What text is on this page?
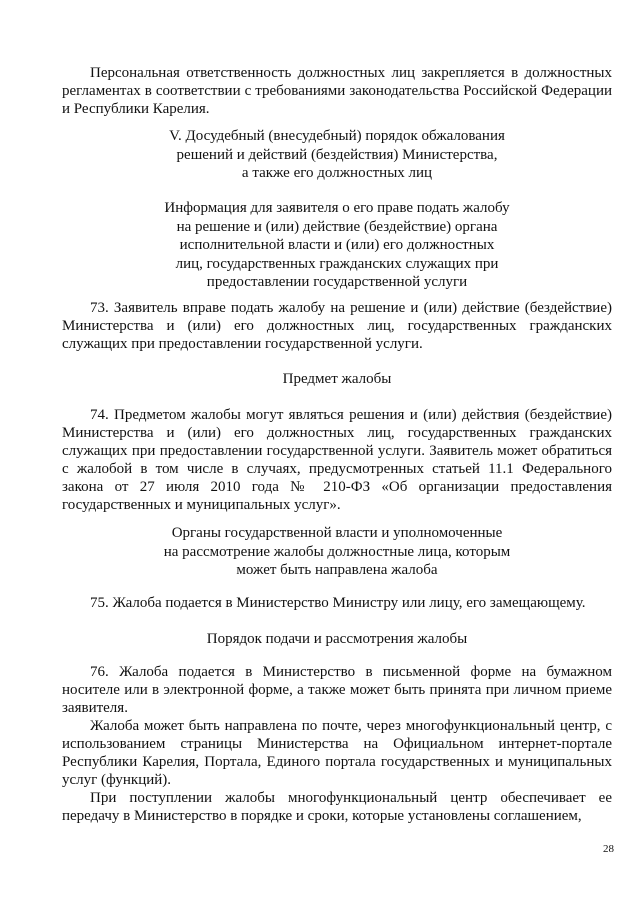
Персональная ответственность должностных лиц закрепляется в должностных регламентах в соответствии с требованиями законодательства Российской Федерации и Республики Карелия.

V. Досудебный (внесудебный) порядок обжалования
решений и действий (бездействия) Министерства,
а также его должностных лиц
Информация для заявителя о его праве подать жалобу
на решение и (или) действие (бездействие) органа
исполнительной власти и (или) его должностных
лиц, государственных гражданских служащих при
предоставлении государственной услуги

73. Заявитель вправе подать жалобу на решение и (или) действие (бездействие) Министерства и (или) его должностных лиц, государственных гражданских служащих при предоставлении государственной услуги.

Предмет жалобы

74. Предметом жалобы могут являться решения и (или) действия (бездействие) Министерства и (или) его должностных лиц, государственных гражданских служащих при предоставлении государственной услуги. Заявитель может обратиться с жалобой в том числе в случаях, предусмотренных статьей 11.1 Федерального закона от 27 июля 2010 года № 210-ФЗ «Об организации предоставления государственных и муниципальных услуг».

Органы государственной власти и уполномоченные
на рассмотрение жалобы должностные лица, которым
может быть направлена жалоба

75. Жалоба подается в Министерство Министру или лицу, его замещающему.

Порядок подачи и рассмотрения жалобы

76. Жалоба подается в Министерство в письменной форме на бумажном носителе или в электронной форме, а также может быть принята при личном приеме заявителя.

Жалоба может быть направлена по почте, через многофункциональный центр, с использованием страницы Министерства на Официальном интернет-портале Республики Карелия, Портала, Единого портала государственных и муниципальных услуг (функций).

При поступлении жалобы многофункциональный центр обеспечивает ее передачу в Министерство в порядке и сроки, которые установлены соглашением,

28
